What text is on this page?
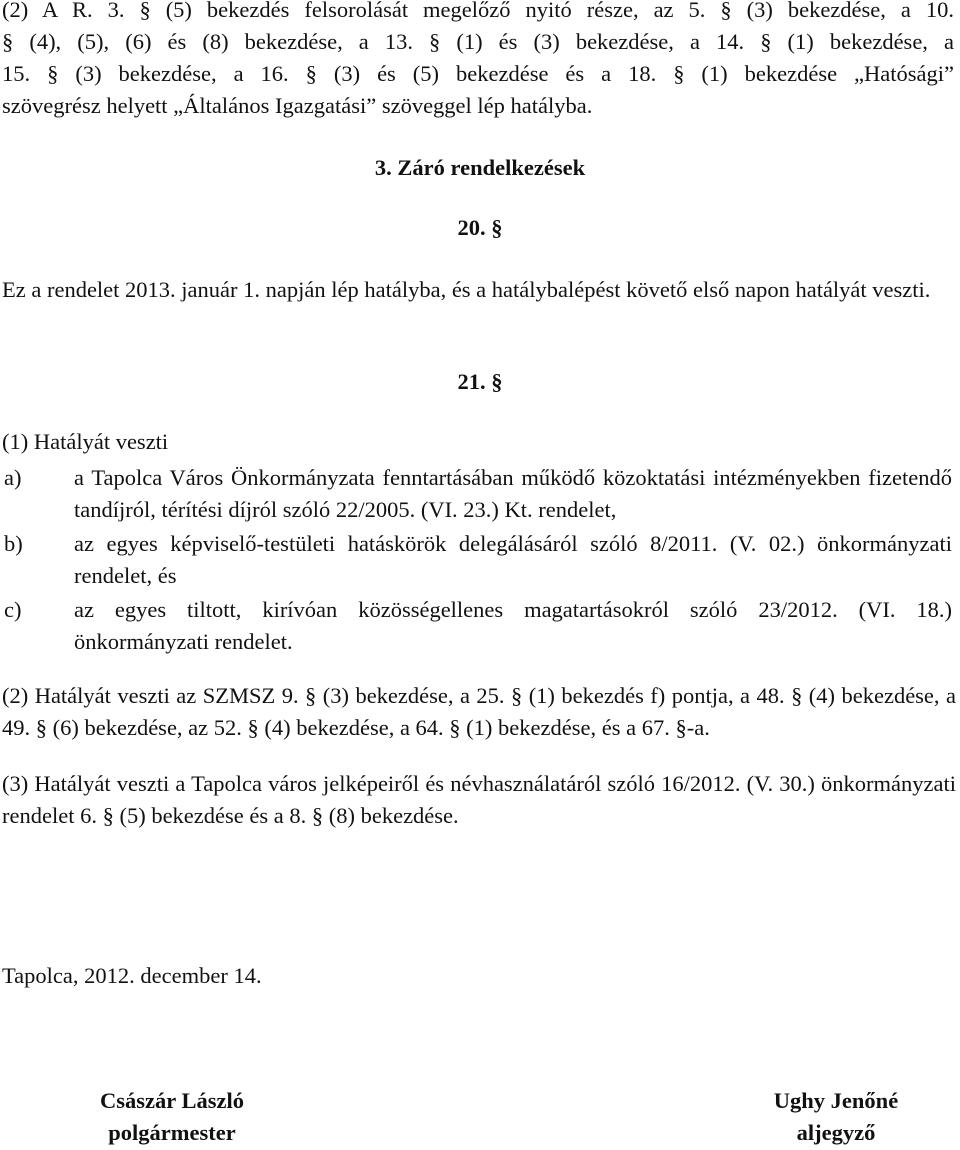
(2) A R. 3. § (5) bekezdés felsorolását megelőző nyitó része, az 5. § (3) bekezdése, a 10.

§ (4), (5), (6) és (8) bekezdése, a 13. § (1) és (3) bekezdése, a 14. § (1) bekezdése, a

15. § (3) bekezdése, a 16. § (3) és (5) bekezdése és a 18. § (1) bekezdése „Hatósági”

szövegrész helyett „Általános Igazgatási” szöveggel lép hatályba.

3. Záró rendelkezések
20. §

Ez a rendelet 2013. január 1. napján lép hatályba, és a hatálybalépést követő első napon hatályát veszti.

21. §

(1) Hatályát veszti

a)	a Tapolca Város Önkormányzata fenntartásában működő közoktatási intézményekben fizetendő tandíjról, térítési díjról szóló 22/2005. (VI. 23.) Kt. rendelet,
b)	az egyes képviselő-testületi hatáskörök delegálásáról szóló 8/2011. (V. 02.) önkormányzati rendelet, és
c)	az egyes tiltott, kirívóan közösségellenes magatartásokról szóló 23/2012. (VI. 18.) önkormányzati rendelet.

(2) Hatályát veszti az SZMSZ 9. § (3) bekezdése, a 25. § (1) bekezdés f) pontja, a 48. § (4) bekezdése, a 49. § (6) bekezdése, az 52. § (4) bekezdése, a 64. § (1) bekezdése, és a 67. §-a.

(3) Hatályát veszti a Tapolca város jelképeiről és névhasználatáról szóló 16/2012. (V. 30.) önkormányzati rendelet 6. § (5) bekezdése és a 8. § (8) bekezdése.

Tapolca, 2012. december 14.

Császár László
polgármester
Ughy Jenőné
aljegyző
